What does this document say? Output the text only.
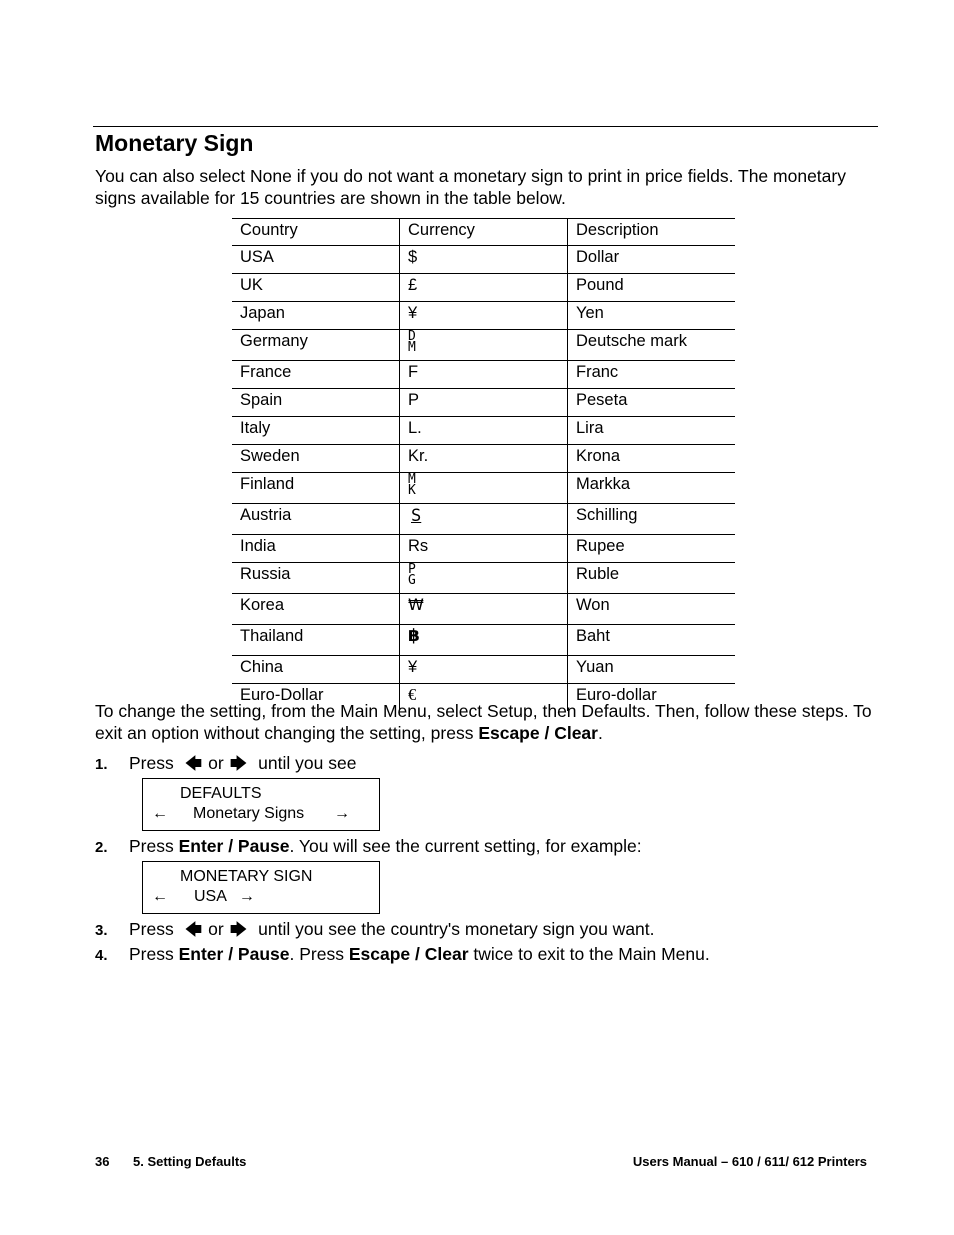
Monetary Sign

You can also select None if you do not want a monetary sign to print in price fields. The monetary signs available for 15 countries are shown in the table below.

Country	Currency	Description
USA	$	Dollar
UK	£	Pound
Japan	¥	Yen
Germany	DM	Deutsche mark
France	F	Franc
Spain	P	Peseta
Italy	L.	Lira
Sweden	Kr.	Krona
Finland	MK	Markka
Austria	S	Schilling
India	Rs	Rupee
Russia	PG	Ruble
Korea	₩	Won
Thailand	฿	Baht
China	¥	Yuan
Euro-Dollar	€	Euro-dollar

To change the setting, from the Main Menu, select Setup, then Defaults. Then, follow these steps. To exit an option without changing the setting, press Escape / Clear.

1. Press 🡄 or 🡆 until you see

DEFAULTS
← Monetary Signs →

2. Press Enter / Pause. You will see the current setting, for example:

MONETARY SIGN
← USA →

3. Press 🡄 or 🡆 until you see the country's monetary sign you want.

4. Press Enter / Pause. Press Escape / Clear twice to exit to the Main Menu.

36 5. Setting Defaults	Users Manual – 610 / 611/ 612 Printers
